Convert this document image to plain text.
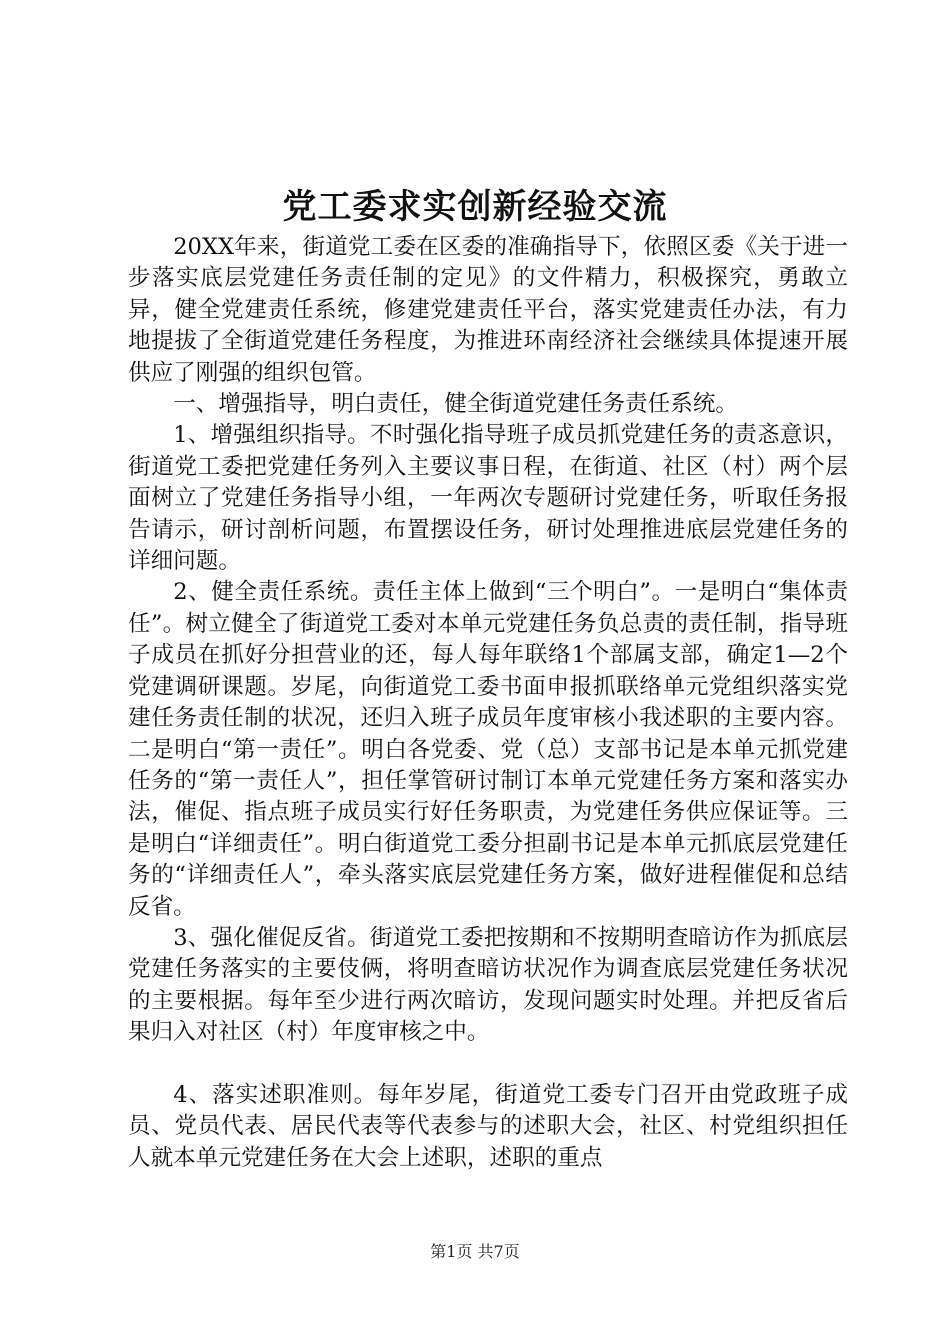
党工委求实创新经验交流

20XX年来，街道党工委在区委的准确指导下，依照区委《关于进一步落实底层党建任务责任制的定见》的文件精力，积极探究，勇敢立异，健全党建责任系统，修建党建责任平台，落实党建责任办法，有力地提拔了全街道党建任务程度，为推进环南经济社会继续具体提速开展供应了刚强的组织包管。

一、增强指导，明白责任，健全街道党建任务责任系统。

1、增强组织指导。不时强化指导班子成员抓党建任务的责忞意识，街道党工委把党建任务列入主要议事日程，在街道、社区（村）两个层面树立了党建任务指导小组，一年两次专题研讨党建任务，听取任务报告请示，研讨剖析问题，布置摆设任务，研讨处理推进底层党建任务的详细问题。

2、健全责任系统。责任主体上做到“三个明白”。一是明白“集体责任”。树立健全了街道党工委对本单元党建任务负总责的责任制，指导班子成员在抓好分担营业的还，每人每年联络1个部属支部，确定1—2个党建调研课题。岁尾，向街道党工委书面申报抓联络单元党组织落实党建任务责任制的状况，还归入班子成员年度审核小我述职的主要内容。二是明白“第一责任”。明白各党委、党（总）支部书记是本单元抓党建任务的“第一责任人”，担任掌管研讨制订本单元党建任务方案和落实办法，催促、指点班子成员实行好任务职责，为党建任务供应保证等。三是明白“详细责任”。明白街道党工委分担副书记是本单元抓底层党建任务的“详细责任人”，牵头落实底层党建任务方案，做好进程催促和总结反省。

3、强化催促反省。街道党工委把按期和不按期明查暗访作为抓底层党建任务落实的主要伎俩，将明查暗访状况作为调查底层党建任务状况的主要根据。每年至少进行两次暗访，发现问题实时处理。并把反省后果归入对社区（村）年度审核之中。

4、落实述职准则。每年岁尾，街道党工委专门召开由党政班子成员、党员代表、居民代表等代表参与的述职大会，社区、村党组织担任人就本单元党建任务在大会上述职，述职的重点

第1页 共7页
